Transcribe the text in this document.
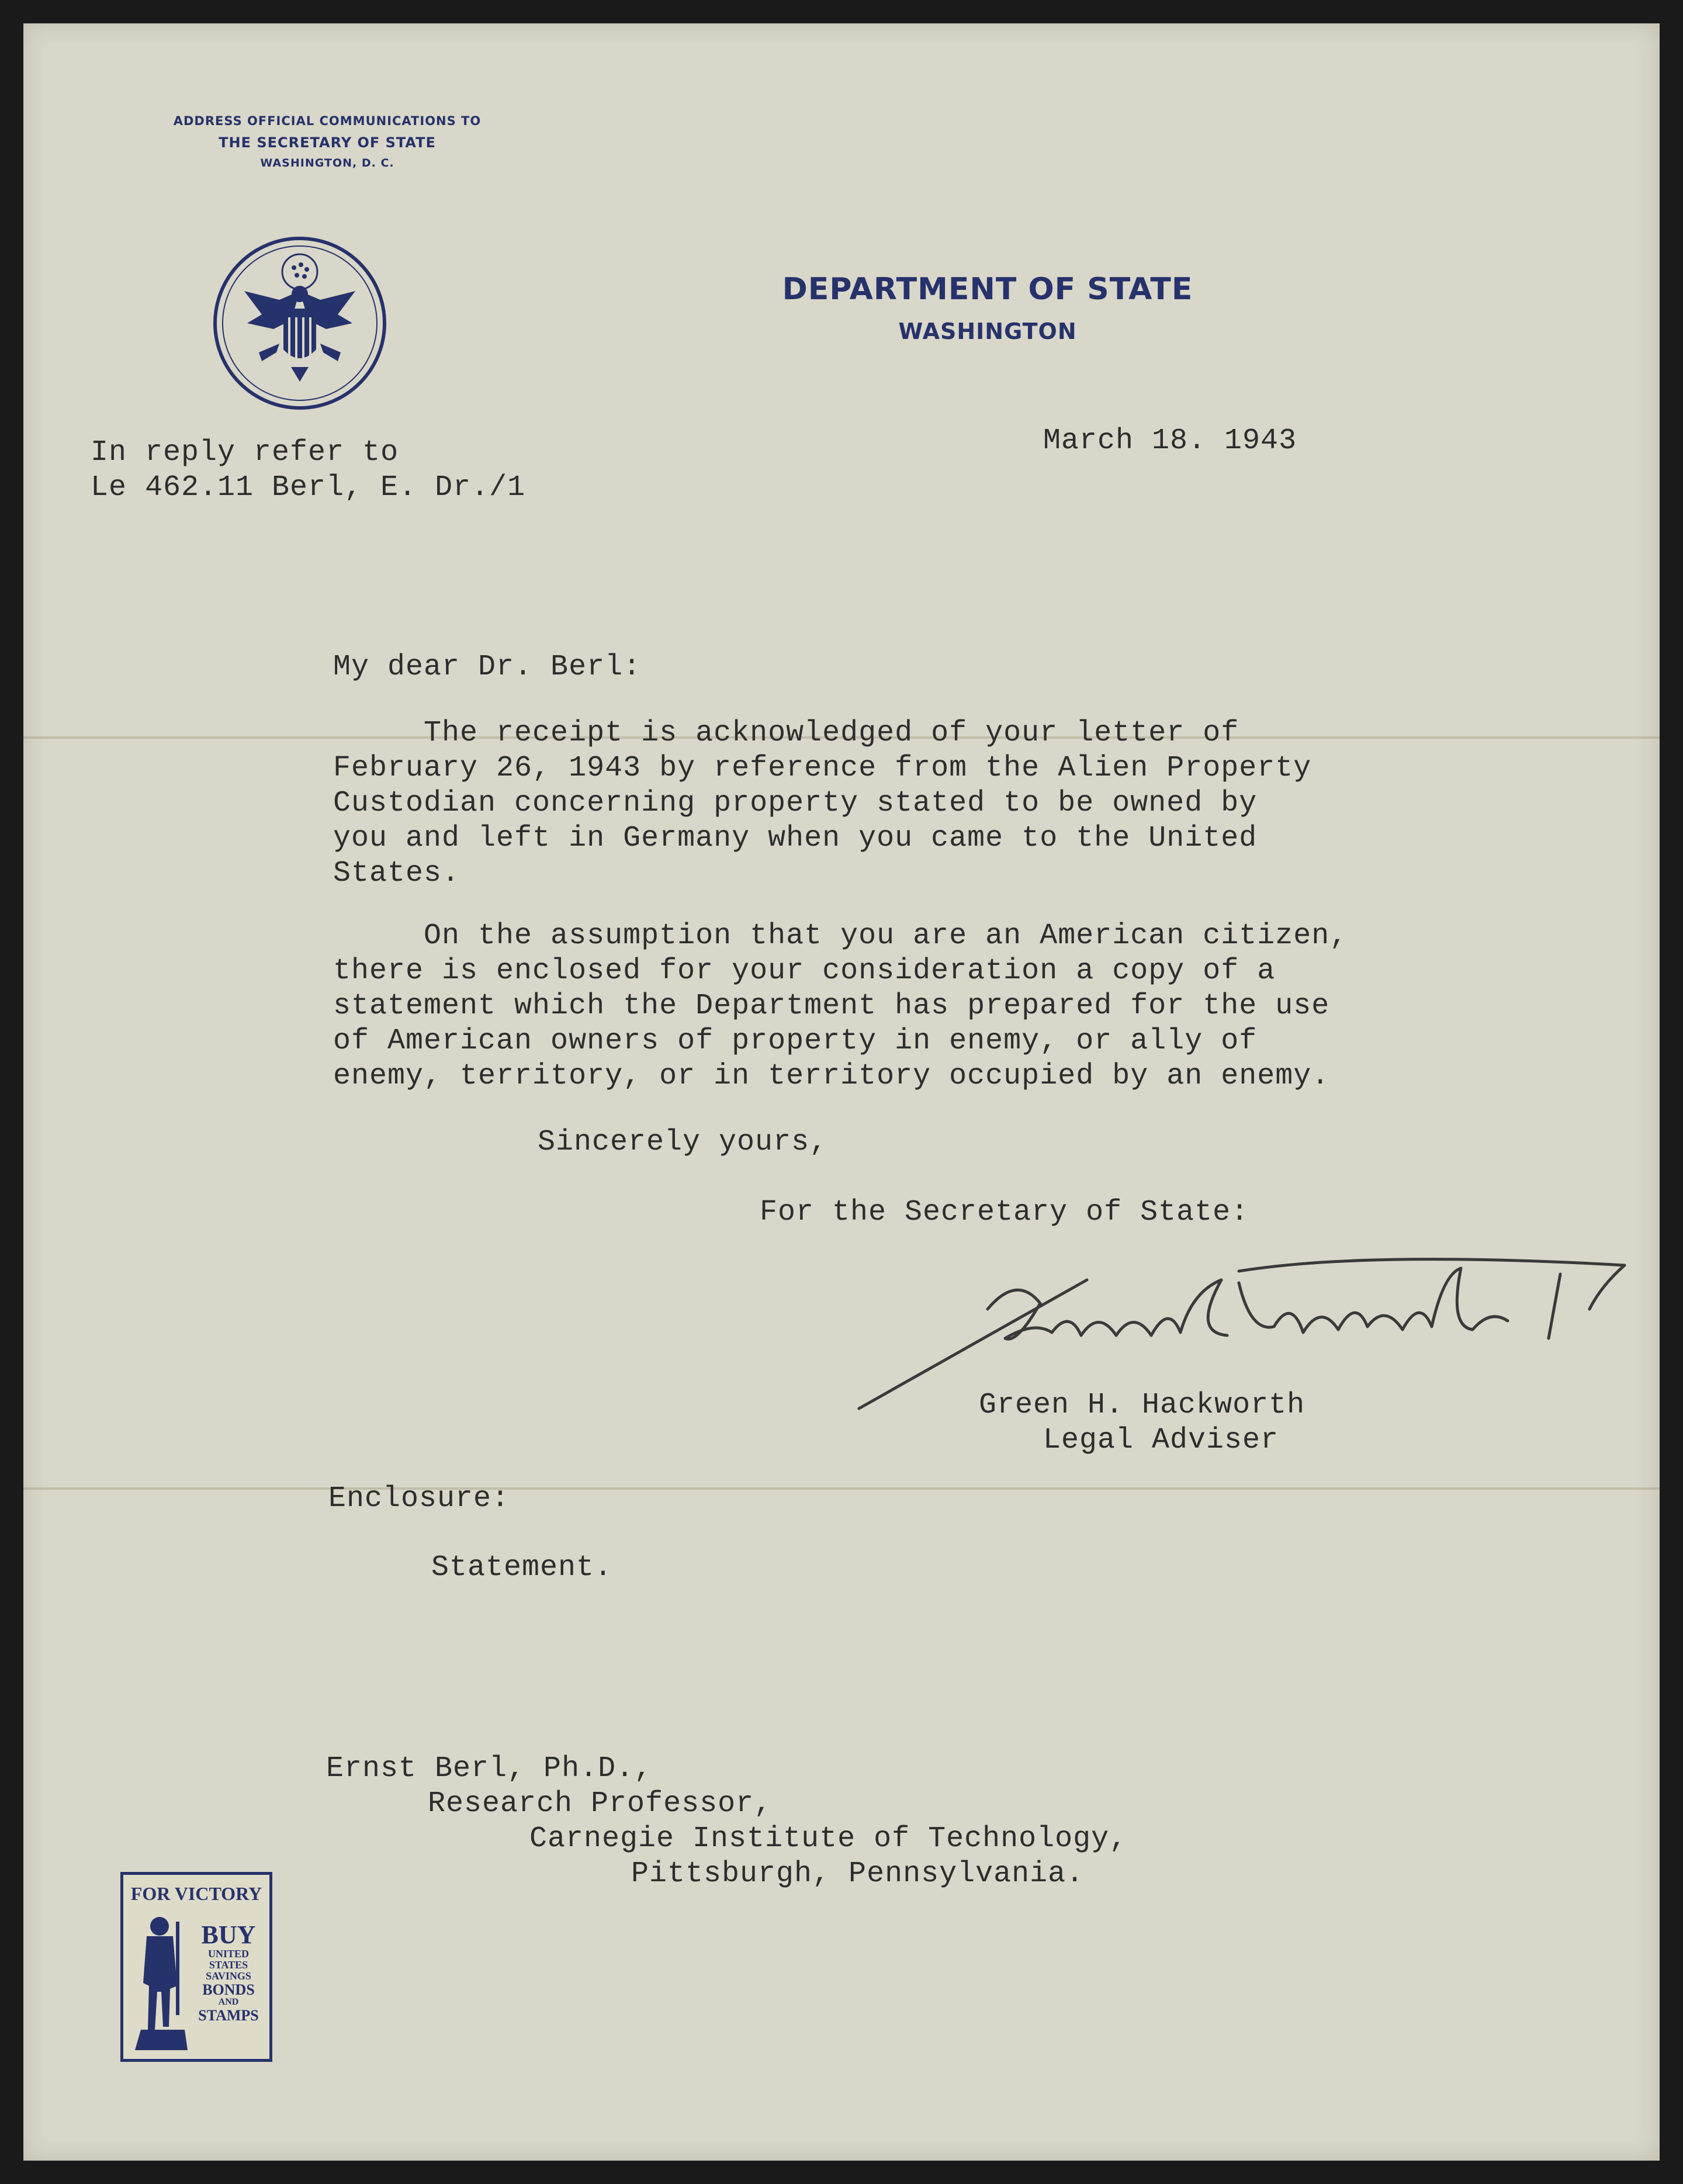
ADDRESS OFFICIAL COMMUNICATIONS TO
THE SECRETARY OF STATE
WASHINGTON, D. C.
DEPARTMENT OF STATE
WASHINGTON
In reply refer to
Le 462.11 Berl, E. Dr./1
March 18. 1943
My dear Dr. Berl:
The receipt is acknowledged of your letter of
February 26, 1943 by reference from the Alien Property
Custodian concerning property stated to be owned by
you and left in Germany when you came to the United
States.
On the assumption that you are an American citizen,
there is enclosed for your consideration a copy of a
statement which the Department has prepared for the use
of American owners of property in enemy, or ally of
enemy, territory, or in territory occupied by an enemy.
Sincerely yours,
For the Secretary of State:
Green H. Hackworth
Legal Adviser
Enclosure:
Statement.
Ernst Berl, Ph.D.,
Research Professor,
Carnegie Institute of Technology,
Pittsburgh, Pennsylvania.
FOR VICTORY
BUY
UNITED
STATES
SAVINGS
BONDS
AND
STAMPS
